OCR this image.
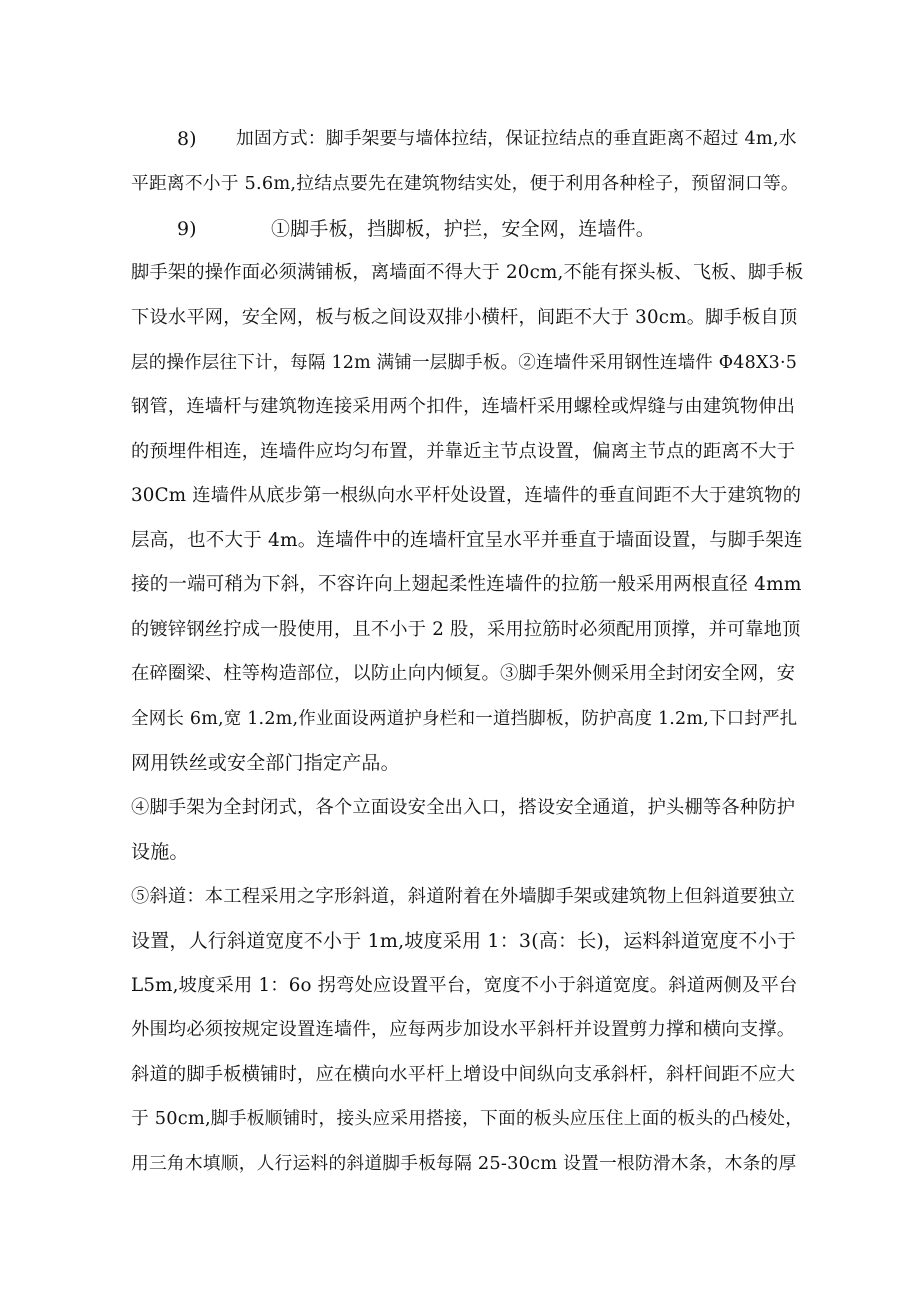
8) 加固方式：脚手架要与墙体拉结，保证拉结点的垂直距离不超过 4m,水
平距离不小于 5.6m,拉结点要先在建筑物结实处，便于利用各种栓子，预留洞口等。
9)	①脚手板，挡脚板，护拦，安全网，连墙件。
脚手架的操作面必须满铺板，离墙面不得大于 20cm,不能有探头板、飞板、脚手板
下设水平网，安全网，板与板之间设双排小横杆，间距不大于 30cm。脚手板自顶
层的操作层往下计，每隔 12m 满铺一层脚手板。②连墙件采用钢性连墙件 Φ48X3·5
钢管，连墙杆与建筑物连接采用两个扣件，连墙杆采用螺栓或焊缝与由建筑物伸出
的预埋件相连，连墙件应均匀布置，并靠近主节点设置，偏离主节点的距离不大于
30Cm 连墙件从底步第一根纵向水平杆处设置，连墙件的垂直间距不大于建筑物的
层高，也不大于 4m。连墙件中的连墙杆宜呈水平并垂直于墙面设置，与脚手架连
接的一端可稍为下斜，不容许向上翅起柔性连墙件的拉筋一般采用两根直径 4mm
的镀锌钢丝拧成一股使用，且不小于 2 股，采用拉筋时必须配用顶撑，并可靠地顶
在碎圈梁、柱等构造部位，以防止向内倾复。③脚手架外侧采用全封闭安全网，安
全网长 6m,宽 1.2m,作业面设两道护身栏和一道挡脚板，防护高度 1.2m,下口封严扎
网用铁丝或安全部门指定产品。
④脚手架为全封闭式，各个立面设安全出入口，搭设安全通道，护头棚等各种防护
设施。
⑤斜道：本工程采用之字形斜道，斜道附着在外墙脚手架或建筑物上但斜道要独立
设置，人行斜道宽度不小于 1m,坡度采用 1：3(高：长)，运料斜道宽度不小于
L5m,坡度采用 1：6o 拐弯处应设置平台，宽度不小于斜道宽度。斜道两侧及平台
外围均必须按规定设置连墙件，应每两步加设水平斜杆并设置剪力撑和横向支撑。
斜道的脚手板横铺时，应在横向水平杆上增设中间纵向支承斜杆，斜杆间距不应大
于 50cm,脚手板顺铺时，接头应采用搭接，下面的板头应压住上面的板头的凸棱处，
用三角木填顺，人行运料的斜道脚手板每隔 25-30cm 设置一根防滑木条，木条的厚
